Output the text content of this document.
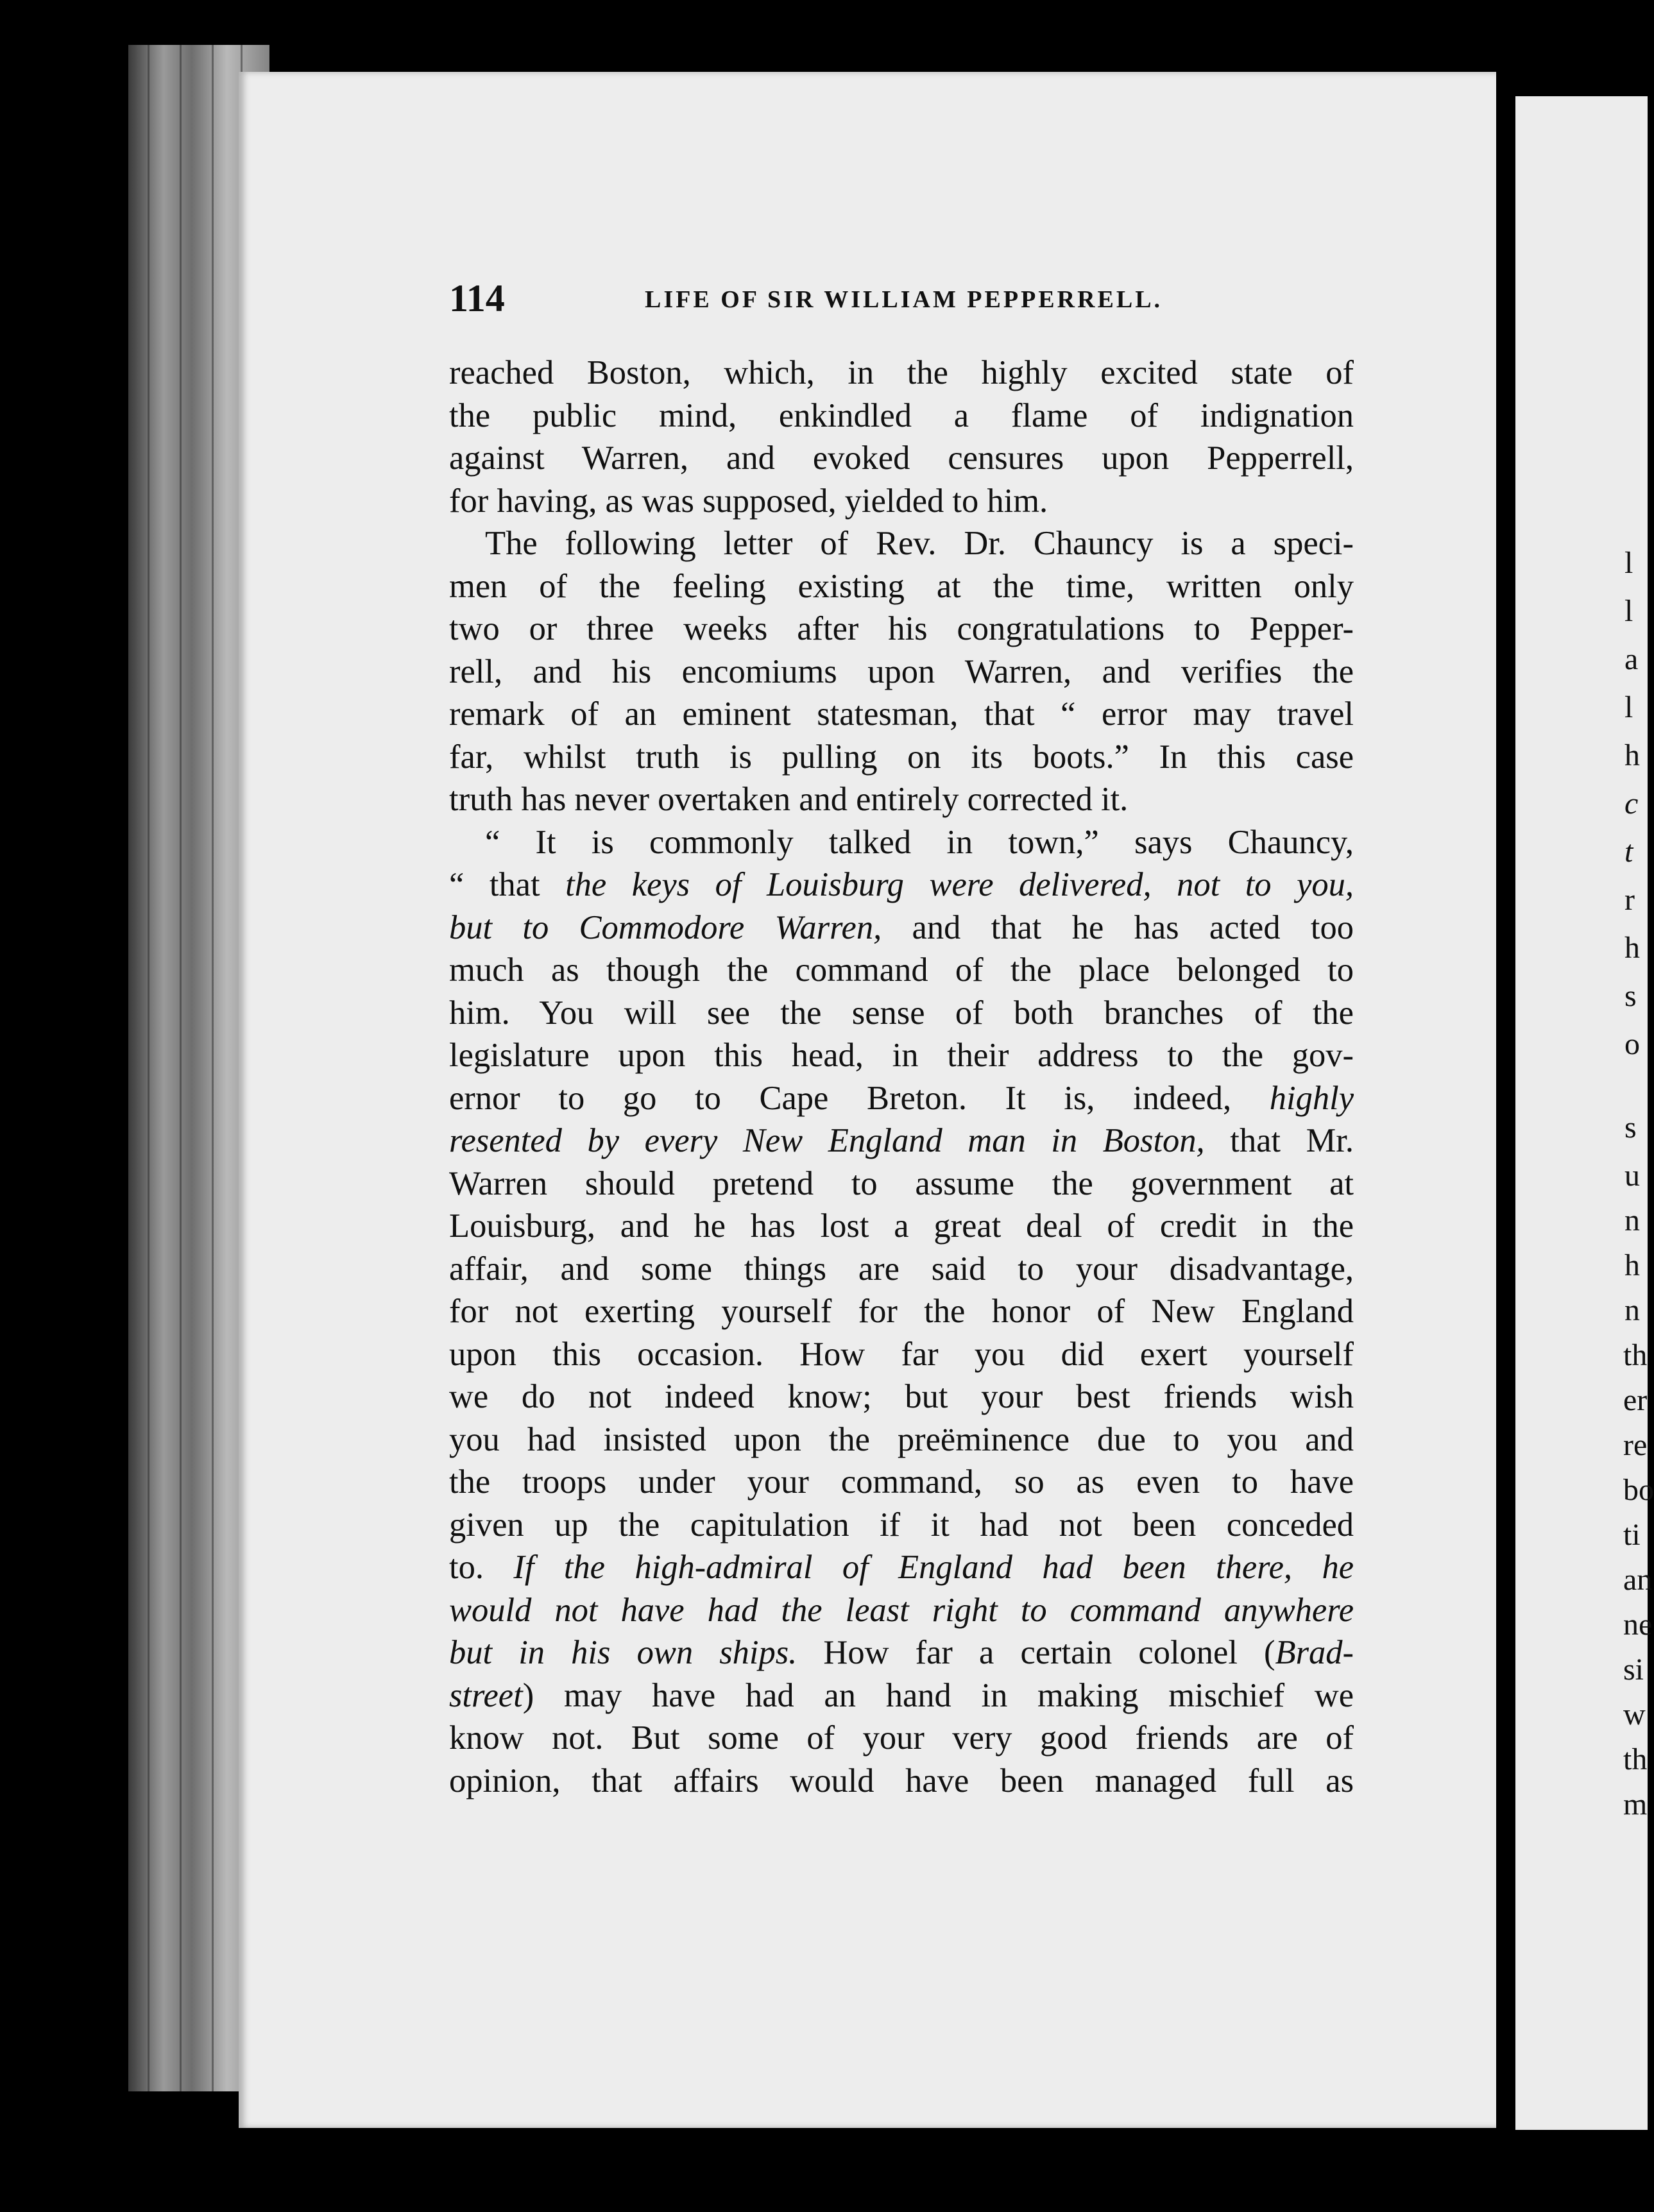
l
l
a
l
h
c
t
r
h
s
o
s
u
n
h
n
th
er
re
bo
ti
an
ne
si
w
th
m
114	LIFE OF SIR WILLIAM PEPPERRELL.
reached Boston, which, in the highly excited state of
the public mind, enkindled a flame of indignation
against Warren, and evoked censures upon Pepperrell,
for having, as was supposed, yielded to him.
The following letter of Rev. Dr. Chauncy is a speci-
men of the feeling existing at the time, written only
two or three weeks after his congratulations to Pepper-
rell, and his encomiums upon Warren, and verifies the
remark of an eminent statesman, that “ error may travel
far, whilst truth is pulling on its boots.” In this case
truth has never overtaken and entirely corrected it.
“ It is commonly talked in town,” says Chauncy,
“ that the keys of Louisburg were delivered, not to you,
but to Commodore Warren, and that he has acted too
much as though the command of the place belonged to
him. You will see the sense of both branches of the
legislature upon this head, in their address to the gov-
ernor to go to Cape Breton. It is, indeed, highly
resented by every New England man in Boston, that Mr.
Warren should pretend to assume the government at
Louisburg, and he has lost a great deal of credit in the
affair, and some things are said to your disadvantage,
for not exerting yourself for the honor of New England
upon this occasion. How far you did exert yourself
we do not indeed know; but your best friends wish
you had insisted upon the preëminence due to you and
the troops under your command, so as even to have
given up the capitulation if it had not been conceded
to. If the high-admiral of England had been there, he
would not have had the least right to command anywhere
but in his own ships. How far a certain colonel (Brad-
street) may have had an hand in making mischief we
know not. But some of your very good friends are of
opinion, that affairs would have been managed full as
